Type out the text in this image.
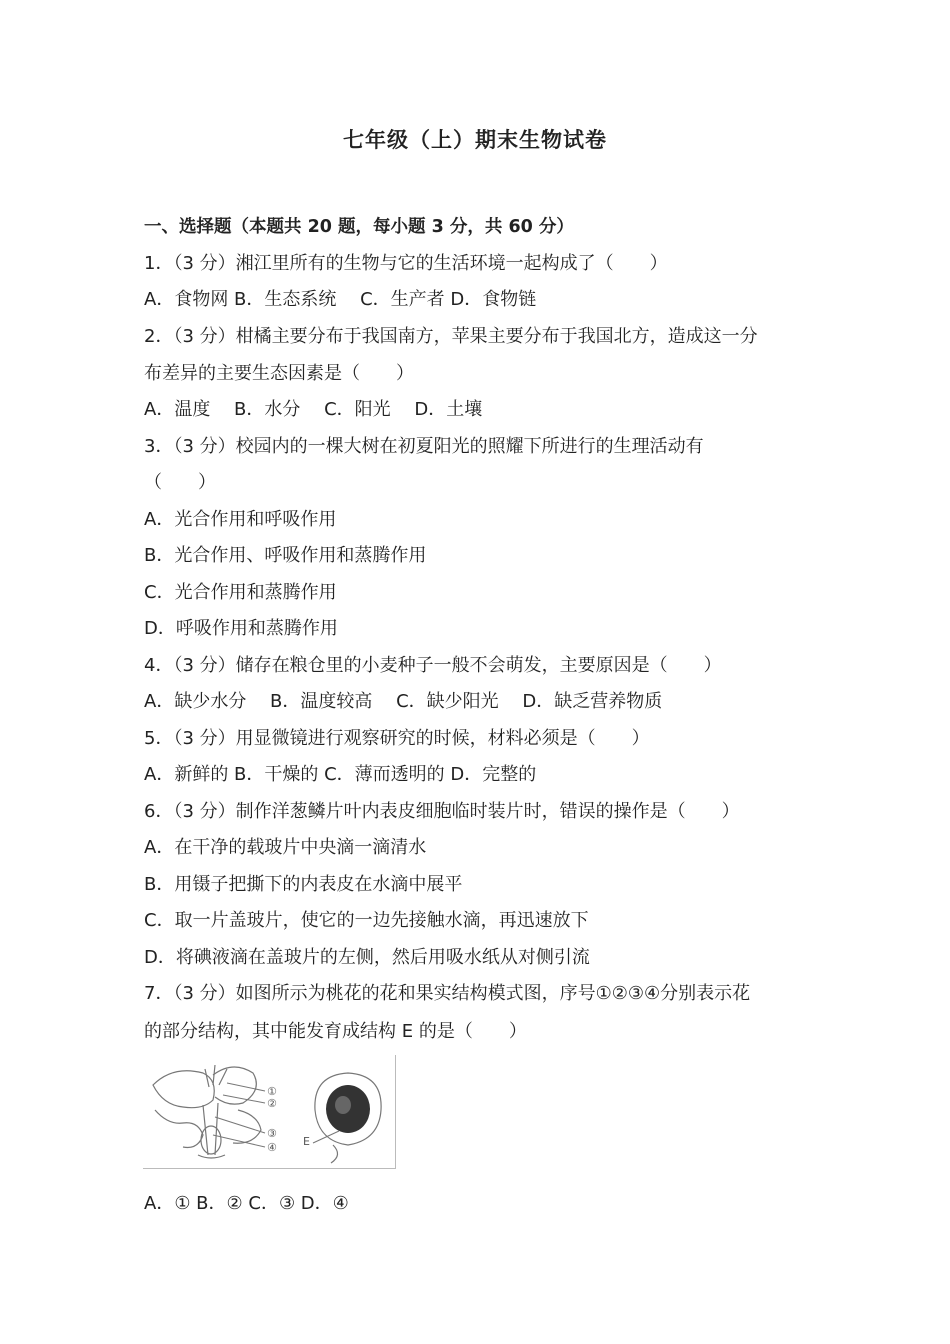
七年级（上）期末生物试卷
一、选择题（本题共 20 题，每小题 3 分，共 60 分）
1．（3 分）湘江里所有的生物与它的生活环境一起构成了（　　）
A．食物网 B．生态系统 　C．生产者 D．食物链
2．（3 分）柑橘主要分布于我国南方，苹果主要分布于我国北方，造成这一分
布差异的主要生态因素是（　　）
A．温度 　B．水分 　C．阳光 　D．土壤
3．（3 分）校园内的一棵大树在初夏阳光的照耀下所进行的生理活动有
（　　）
A．光合作用和呼吸作用
B．光合作用、呼吸作用和蒸腾作用
C．光合作用和蒸腾作用
D．呼吸作用和蒸腾作用
4．（3 分）储存在粮仓里的小麦种子一般不会萌发，主要原因是（　　）
A．缺少水分 　B．温度较高 　C．缺少阳光 　D．缺乏营养物质
5．（3 分）用显微镜进行观察研究的时候，材料必须是（　　）
A．新鲜的 B．干燥的 C．薄而透明的 D．完整的
6．（3 分）制作洋葱鳞片叶内表皮细胞临时装片时，错误的操作是（　　）
A．在干净的载玻片中央滴一滴清水
B．用镊子把撕下的内表皮在水滴中展平
C．取一片盖玻片，使它的一边先接触水滴，再迅速放下
D．将碘液滴在盖玻片的左侧，然后用吸水纸从对侧引流
7．（3 分）如图所示为桃花的花和果实结构模式图，序号①②③④分别表示花
的部分结构，其中能发育成结构 E 的是（　　）
①
②
③
④ E
A．① B．② C．③ D．④
